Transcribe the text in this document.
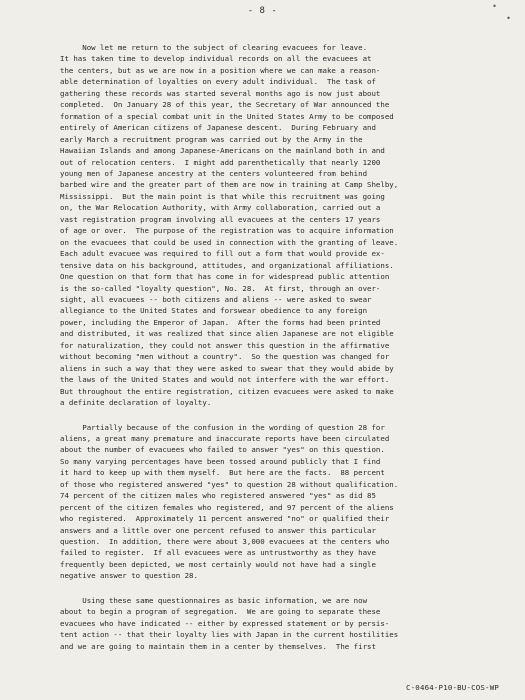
- 8 -	•
•
Now let me return to the subject of clearing evacuees for leave.
It has taken time to develop individual records on all the evacuees at
the centers, but as we are now in a position where we can make a reason-
able determination of loyalties on every adult individual.  The task of
gathering these records was started several months ago is now just about
completed.  On January 28 of this year, the Secretary of War announced the
formation of a special combat unit in the United States Army to be composed
entirely of American citizens of Japanese descent.  During February and
early March a recruitment program was carried out by the Army in the
Hawaiian Islands and among Japanese-Americans on the mainland both in and
out of relocation centers.  I might add parenthetically that nearly 1200
young men of Japanese ancestry at the centers volunteered from behind
barbed wire and the greater part of them are now in training at Camp Shelby,
Mississippi.  But the main point is that while this recruitment was going
on, the War Relocation Authority, with Army collaboration, carried out a
vast registration program involving all evacuees at the centers 17 years
of age or over.  The purpose of the registration was to acquire information
on the evacuees that could be used in connection with the granting of leave.
Each adult evacuee was required to fill out a form that would provide ex-
tensive data on his background, attitudes, and organizational affiliations.
One question on that form that has come in for widespread public attention
is the so-called "loyalty question", No. 28.  At first, through an over-
sight, all evacuees -- both citizens and aliens -- were asked to swear
allegiance to the United States and forswear obedience to any foreign
power, including the Emperor of Japan.  After the forms had been printed
and distributed, it was realized that since alien Japanese are not eligible
for naturalization, they could not answer this question in the affirmative
without becoming "men without a country".  So the question was changed for
aliens in such a way that they were asked to swear that they would abide by
the laws of the United States and would not interfere with the war effort.
But throughout the entire registration, citizen evacuees were asked to make
a definite declaration of loyalty.
Partially because of the confusion in the wording of question 28 for
aliens, a great many premature and inaccurate reports have been circulated
about the number of evacuees who failed to answer "yes" on this question.
So many varying percentages have been tossed around publicly that I find
it hard to keep up with them myself.  But here are the facts.  88 percent
of those who registered answered "yes" to question 28 without qualification.
74 percent of the citizen males who registered answered "yes" as did 85
percent of the citizen females who registered, and 97 percent of the aliens
who registered.  Approximately 11 percent answered "no" or qualified their
answers and a little over one percent refused to answer this particular
question.  In addition, there were about 3,000 evacuees at the centers who
failed to register.  If all evacuees were as untrustworthy as they have
frequently been depicted, we most certainly would not have had a single
negative answer to question 28.
Using these same questionnaires as basic information, we are now
about to begin a program of segregation.  We are going to separate these
evacuees who have indicated -- either by expressed statement or by persis-
tent action -- that their loyalty lies with Japan in the current hostilities
and we are going to maintain them in a center by themselves.  The first
C-0464-P10-BU-COS-WP
